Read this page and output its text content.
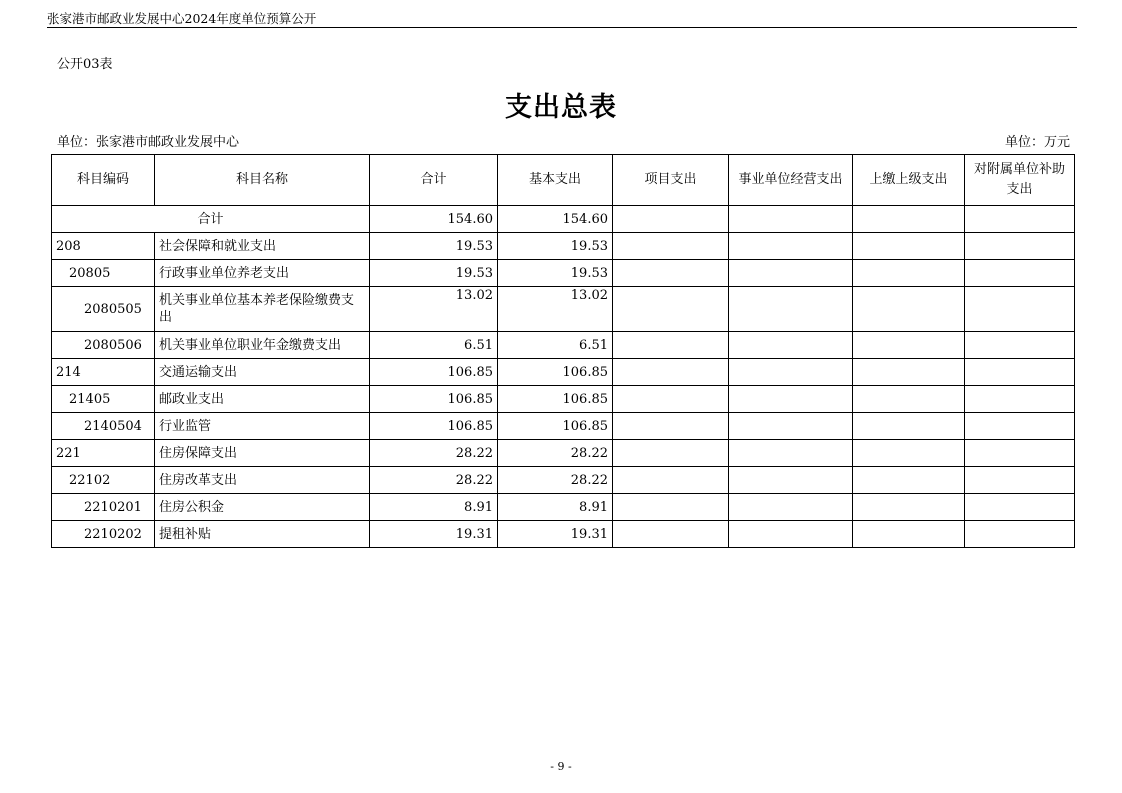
张家港市邮政业发展中心2024年度单位预算公开
公开03表
支出总表
单位：张家港市邮政业发展中心	单位：万元
科目编码	科目名称	合计	基本支出	项目支出	事业单位经营支出	上缴上级支出	对附属单位补助支出
合计		154.60	154.60				
208	社会保障和就业支出	19.53	19.53				
20805	行政事业单位养老支出	19.53	19.53				
2080505	机关事业单位基本养老保险缴费支出	13.02	13.02				
2080506	机关事业单位职业年金缴费支出	6.51	6.51				
214	交通运输支出	106.85	106.85				
21405	邮政业支出	106.85	106.85				
2140504	行业监管	106.85	106.85				
221	住房保障支出	28.22	28.22				
22102	住房改革支出	28.22	28.22				
2210201	住房公积金	8.91	8.91				
2210202	提租补贴	19.31	19.31				
- 9 -
